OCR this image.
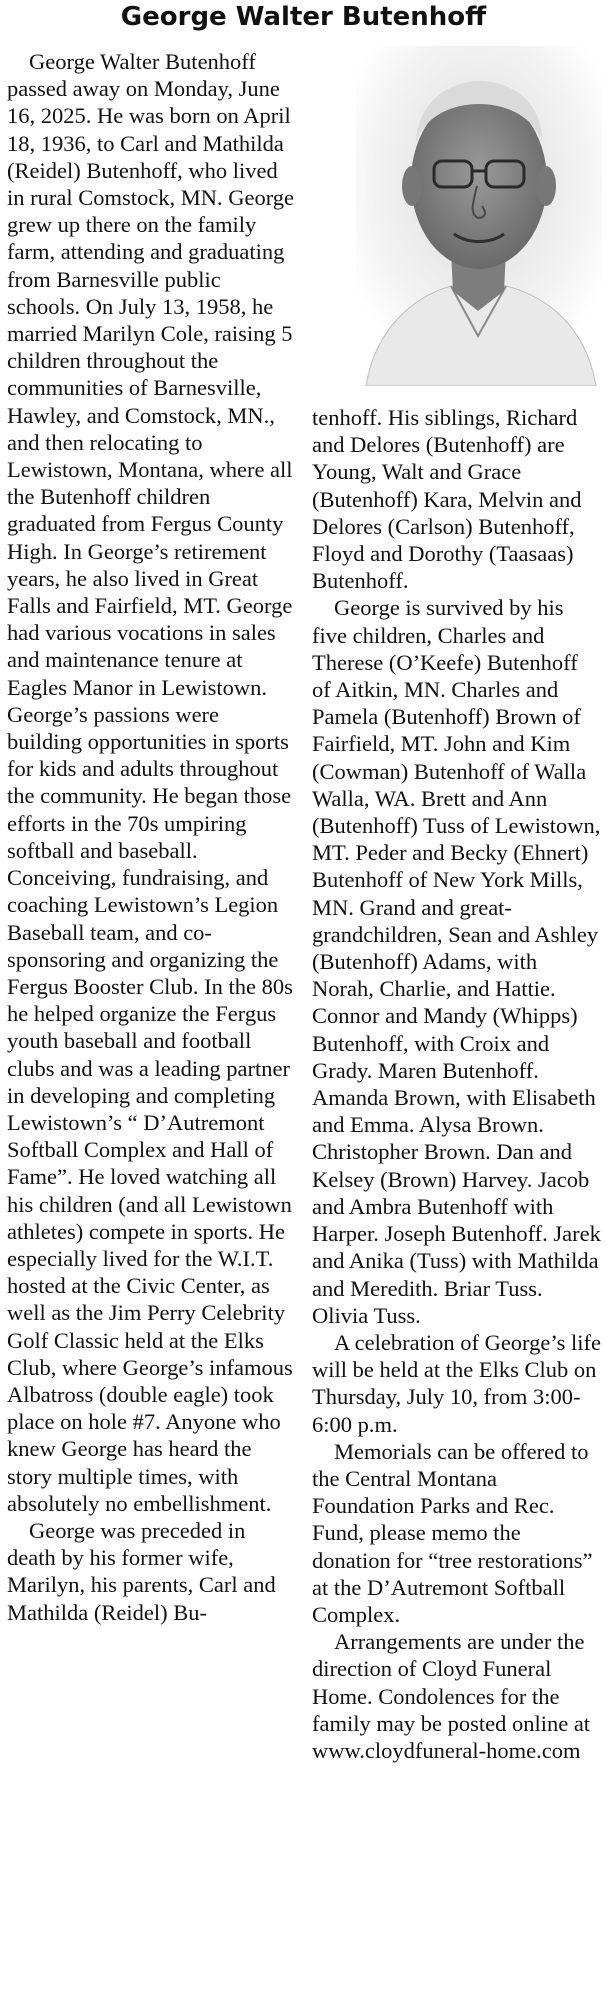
George Walter Butenhoff

George Walter Butenhoff passed away on Monday, June 16, 2025. He was born on April 18, 1936, to Carl and Mathilda (Reidel) Butenhoff, who lived in rural Comstock, MN. George grew up there on the family farm, attending and graduating from Barnesville public schools. On July 13, 1958, he married Marilyn Cole, raising 5 children throughout the communities of Barnesville, Hawley, and Comstock, MN., and then relocating to Lewistown, Montana, where all the Butenhoff children graduated from Fergus County High. In George’s retirement years, he also lived in Great Falls and Fairfield, MT. George had various vocations in sales and maintenance tenure at Eagles Manor in Lewistown. George’s passions were building opportunities in sports for kids and adults throughout the community. He began those efforts in the 70s umpiring softball and baseball. Conceiving, fundraising, and coaching Lewistown’s Legion Baseball team, and co-sponsoring and organizing the Fergus Booster Club. In the 80s he helped organize the Fergus youth baseball and football clubs and was a leading partner in developing and completing Lewistown’s “ D’Autremont Softball Complex and Hall of Fame”. He loved watching all his children (and all Lewistown athletes) compete in sports. He especially lived for the W.I.T. hosted at the Civic Center, as well as the Jim Perry Celebrity Golf Classic held at the Elks Club, where George’s infamous Albatross (double eagle) took place on hole #7. Anyone who knew George has heard the story multiple times, with absolutely no embellishment.

George was preceded in death by his former wife, Marilyn, his parents, Carl and Mathilda (Reidel) Bu-

tenhoff. His siblings, Richard and Delores (Butenhoff) are Young, Walt and Grace (Butenhoff) Kara, Melvin and Delores (Carlson) Butenhoff, Floyd and Dorothy (Taasaas) Butenhoff.

George is survived by his five children, Charles and Therese (O’Keefe) Butenhoff of Aitkin, MN. Charles and Pamela (Butenhoff) Brown of Fairfield, MT. John and Kim (Cowman) Butenhoff of Walla Walla, WA. Brett and Ann (Butenhoff) Tuss of Lewistown, MT. Peder and Becky (Ehnert) Butenhoff of New York Mills, MN. Grand and great-grandchildren, Sean and Ashley (Butenhoff) Adams, with Norah, Charlie, and Hattie. Connor and Mandy (Whipps) Butenhoff, with Croix and Grady. Maren Butenhoff. Amanda Brown, with Elisabeth and Emma. Alysa Brown. Christopher Brown. Dan and Kelsey (Brown) Harvey. Jacob and Ambra Butenhoff with Harper. Joseph Butenhoff. Jarek and Anika (Tuss) with Mathilda and Meredith. Briar Tuss. Olivia Tuss.

A celebration of George’s life will be held at the Elks Club on Thursday, July 10, from 3:00-6:00 p.m.

Memorials can be offered to the Central Montana Foundation Parks and Rec. Fund, please memo the donation for “tree restorations” at the D’Autremont Softball Complex.

Arrangements are under the direction of Cloyd Funeral Home. Condolences for the family may be posted online at www.cloydfuneral-home.com
